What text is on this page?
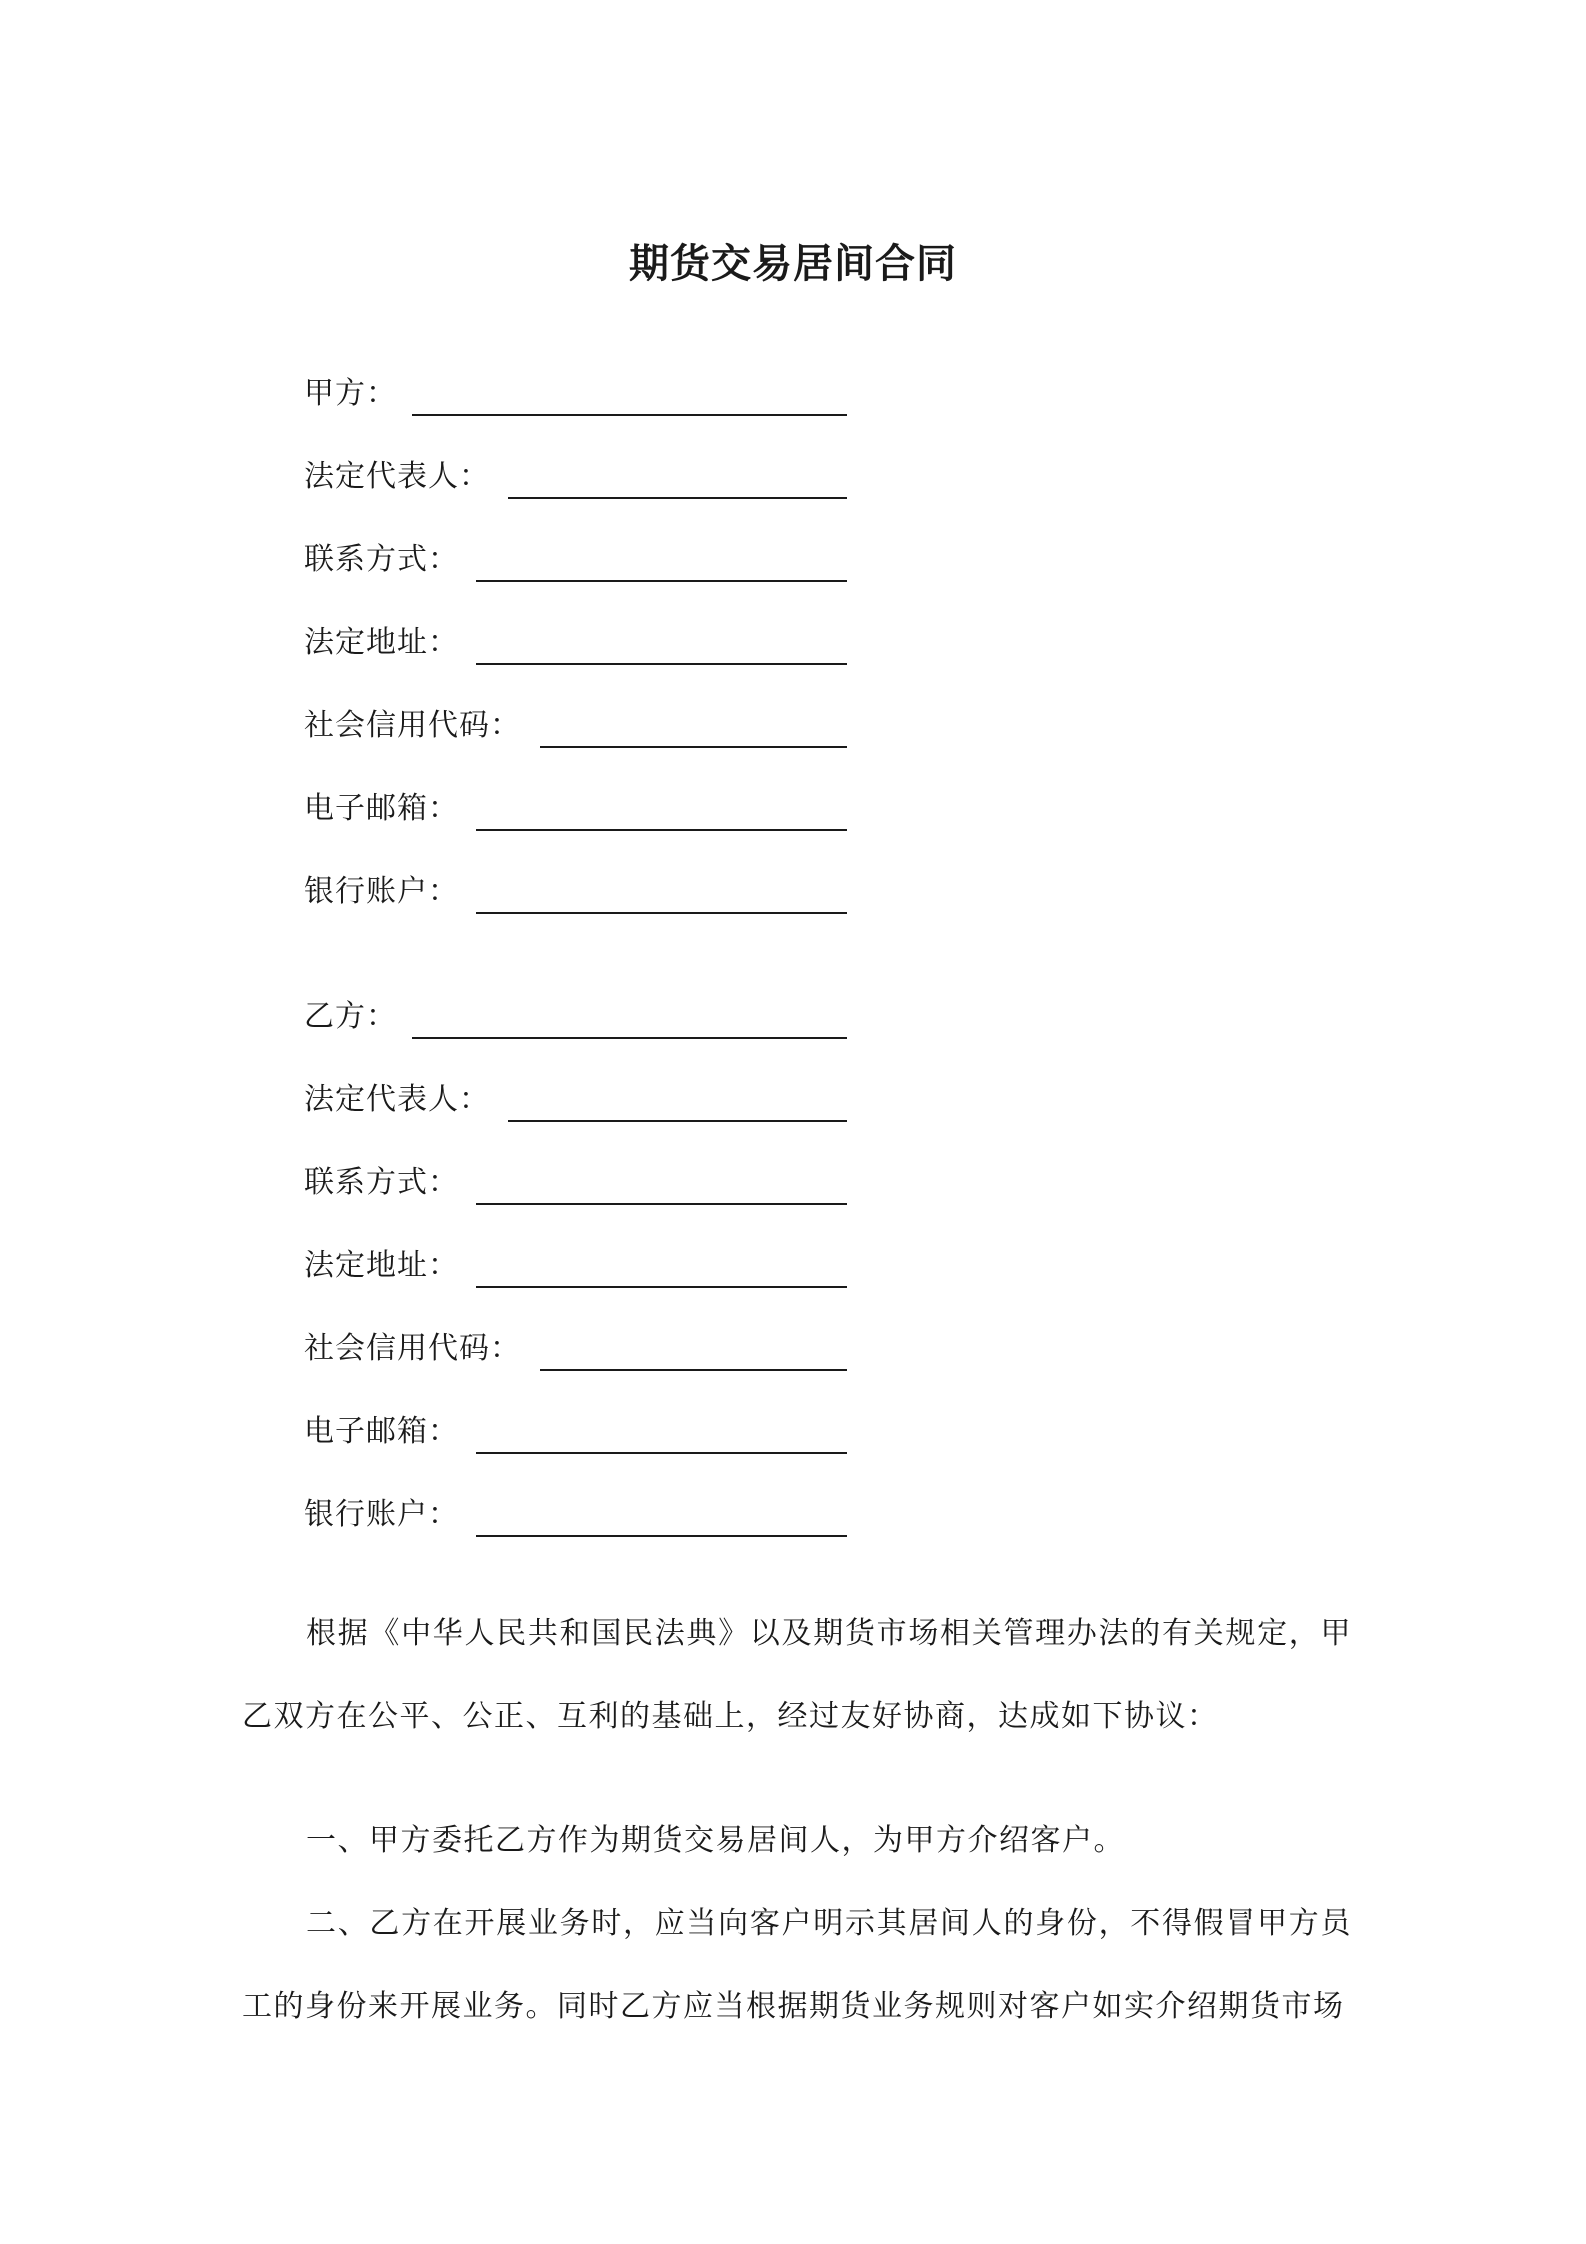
期货交易居间合同
甲方：
法定代表人：
联系方式：
法定地址：
社会信用代码：
电子邮箱：
银行账户：
乙方：
法定代表人：
联系方式：
法定地址：
社会信用代码：
电子邮箱：
银行账户：
根据《中华人民共和国民法典》以及期货市场相关管理办法的有关规定，甲乙双方在公平、公正、互利的基础上，经过友好协商，达成如下协议：
一、甲方委托乙方作为期货交易居间人，为甲方介绍客户。
二、乙方在开展业务时，应当向客户明示其居间人的身份，不得假冒甲方员工的身份来开展业务。同时乙方应当根据期货业务规则对客户如实介绍期货市场
